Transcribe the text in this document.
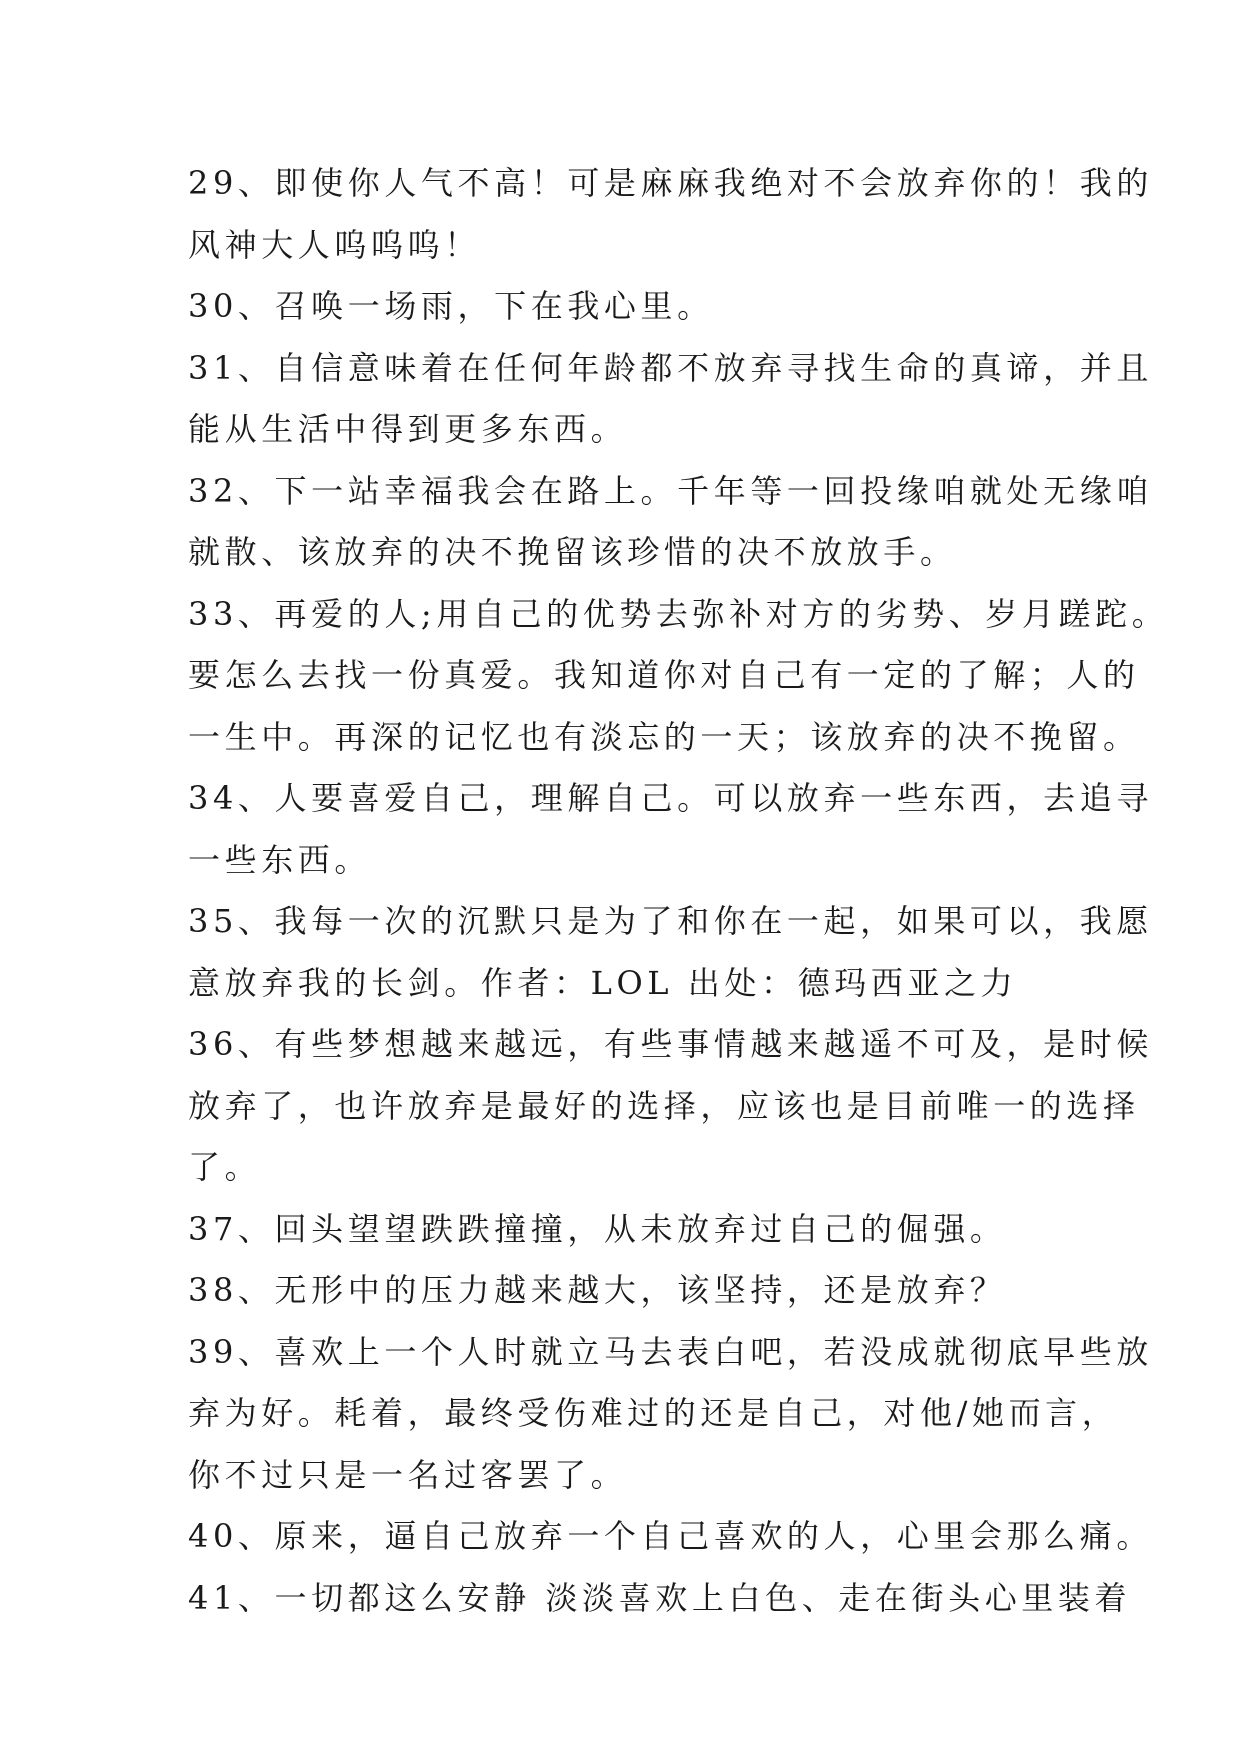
29、即使你人气不高！可是麻麻我绝对不会放弃你的！我的
风神大人呜呜呜！
30、召唤一场雨，下在我心里。
31、自信意味着在任何年龄都不放弃寻找生命的真谛，并且
能从生活中得到更多东西。
32、下一站幸福我会在路上。千年等一回投缘咱就处无缘咱
就散、该放弃的决不挽留该珍惜的决不放放手。
33、再爱的人;用自己的优势去弥补对方的劣势、岁月蹉跎。
要怎么去找一份真爱。我知道你对自己有一定的了解；人的
一生中。再深的记忆也有淡忘的一天；该放弃的决不挽留。
34、人要喜爱自己，理解自己。可以放弃一些东西，去追寻
一些东西。
35、我每一次的沉默只是为了和你在一起，如果可以，我愿
意放弃我的长剑。作者：LOL 出处：德玛西亚之力
36、有些梦想越来越远，有些事情越来越遥不可及，是时候
放弃了，也许放弃是最好的选择，应该也是目前唯一的选择
了。
37、回头望望跌跌撞撞，从未放弃过自己的倔强。
38、无形中的压力越来越大，该坚持，还是放弃？
39、喜欢上一个人时就立马去表白吧，若没成就彻底早些放
弃为好。耗着，最终受伤难过的还是自己，对他/她而言，
你不过只是一名过客罢了。
40、原来，逼自己放弃一个自己喜欢的人，心里会那么痛。
41、一切都这么安静 淡淡喜欢上白色、走在街头心里装着
